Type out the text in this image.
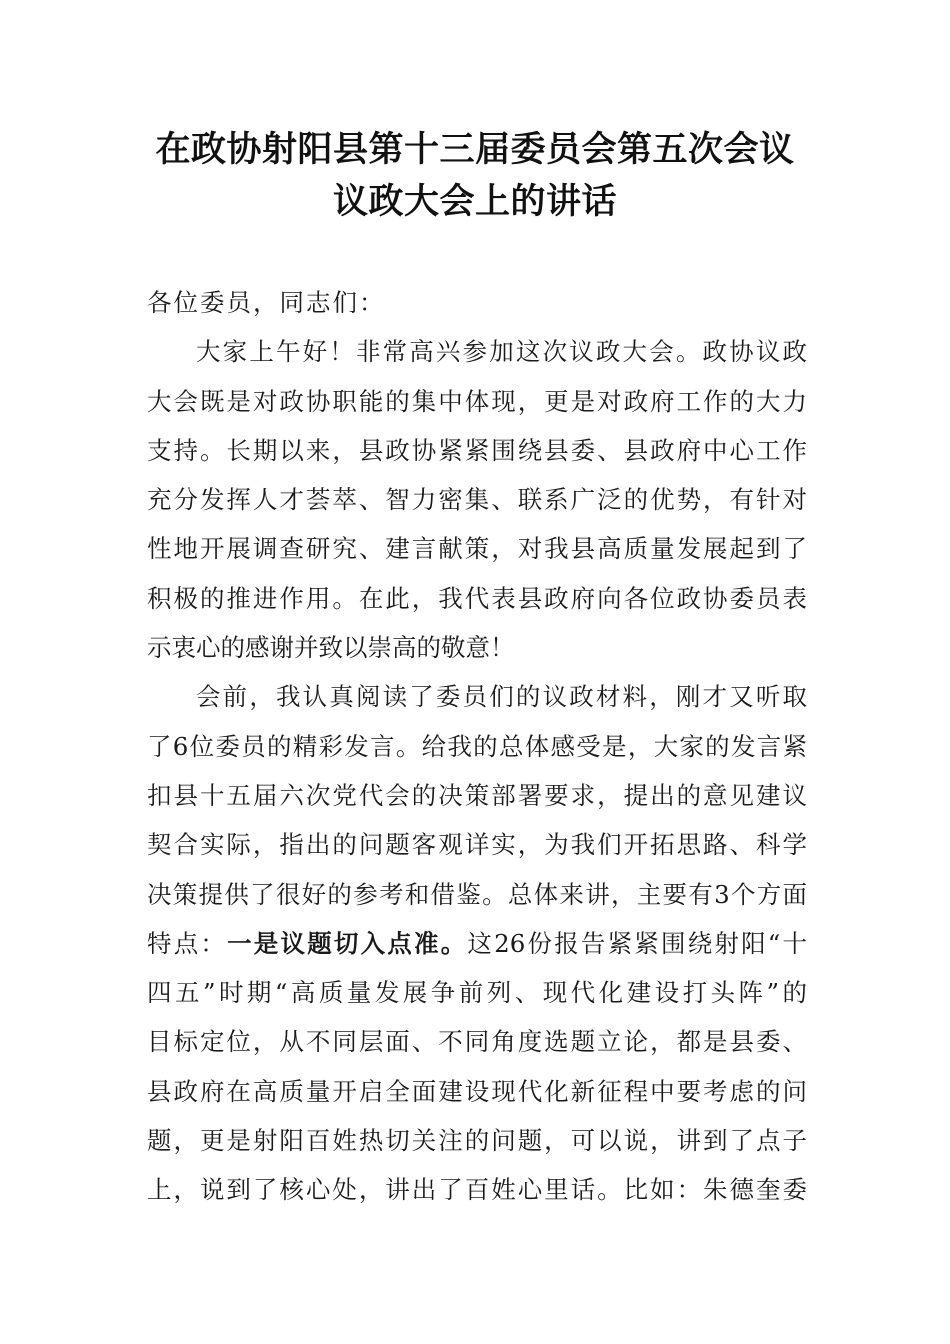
在政协射阳县第十三届委员会第五次会议
议政大会上的讲话
各位委员，同志们：
大家上午好！非常高兴参加这次议政大会。政协议政
大会既是对政协职能的集中体现，更是对政府工作的大力
支持。长期以来，县政协紧紧围绕县委、县政府中心工作
充分发挥人才荟萃、智力密集、联系广泛的优势，有针对
性地开展调查研究、建言献策，对我县高质量发展起到了
积极的推进作用。在此，我代表县政府向各位政协委员表
示衷心的感谢并致以崇高的敬意！
会前，我认真阅读了委员们的议政材料，刚才又听取
了6位委员的精彩发言。给我的总体感受是，大家的发言紧
扣县十五届六次党代会的决策部署要求，提出的意见建议
契合实际，指出的问题客观详实，为我们开拓思路、科学
决策提供了很好的参考和借鉴。总体来讲，主要有3个方面
特点：一是议题切入点准。这26份报告紧紧围绕射阳“十
四五”时期“高质量发展争前列、现代化建设打头阵”的
目标定位，从不同层面、不同角度选题立论，都是县委、
县政府在高质量开启全面建设现代化新征程中要考虑的问
题，更是射阳百姓热切关注的问题，可以说，讲到了点子
上，说到了核心处，讲出了百姓心里话。比如：朱德奎委
